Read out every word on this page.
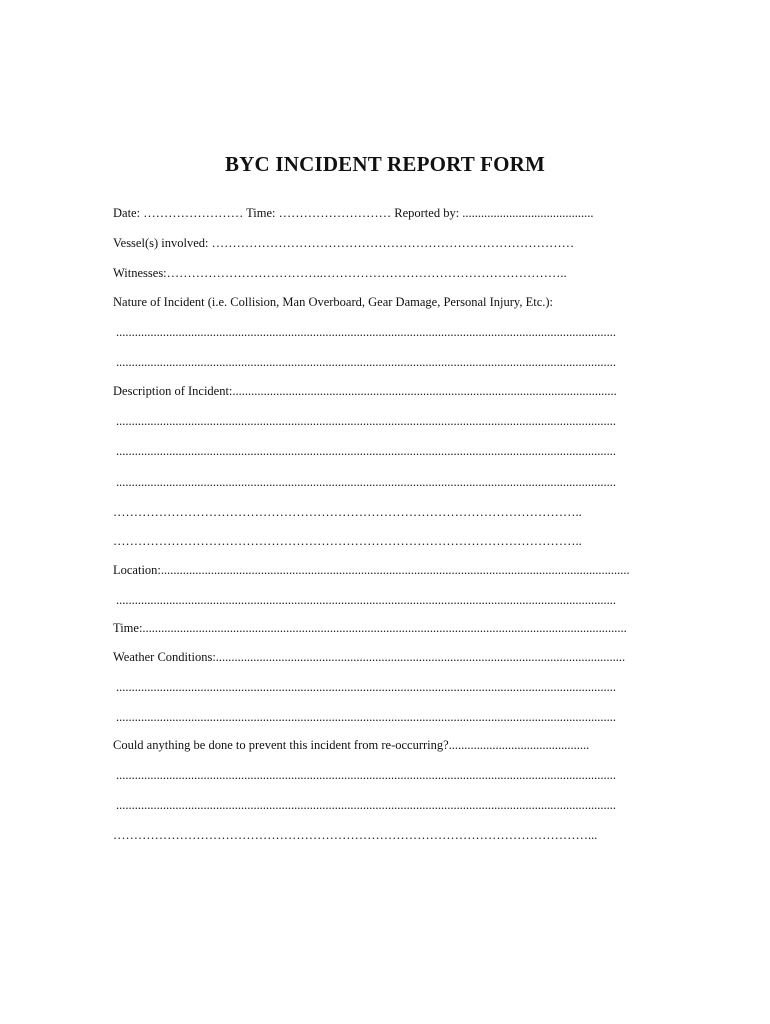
BYC INCIDENT REPORT FORM
Date: …………………… Time: ……………………… Reported by: ..........................................
Vessel(s) involved: ……………………………………………………………………………
Witnesses:………………………………..…………………………………………………..
Nature of Incident (i.e. Collision, Man Overboard, Gear Damage, Personal Injury, Etc.):
................................................................................................................................................................
................................................................................................................................................................
Description of Incident:...........................................................................................................................
................................................................................................................................................................
................................................................................................................................................................
................................................................................................................................................................
…………………………………………………………………………………………………..
…………………………………………………………………………………………………..
Location:......................................................................................................................................................
................................................................................................................................................................
Time:...........................................................................................................................................................
Weather Conditions:...................................................................................................................................
................................................................................................................................................................
................................................................................................................................................................
Could anything be done to prevent this incident from re-occurring?.............................................
................................................................................................................................................................
................................................................................................................................................................
……………………………………………………………………………………………………...
